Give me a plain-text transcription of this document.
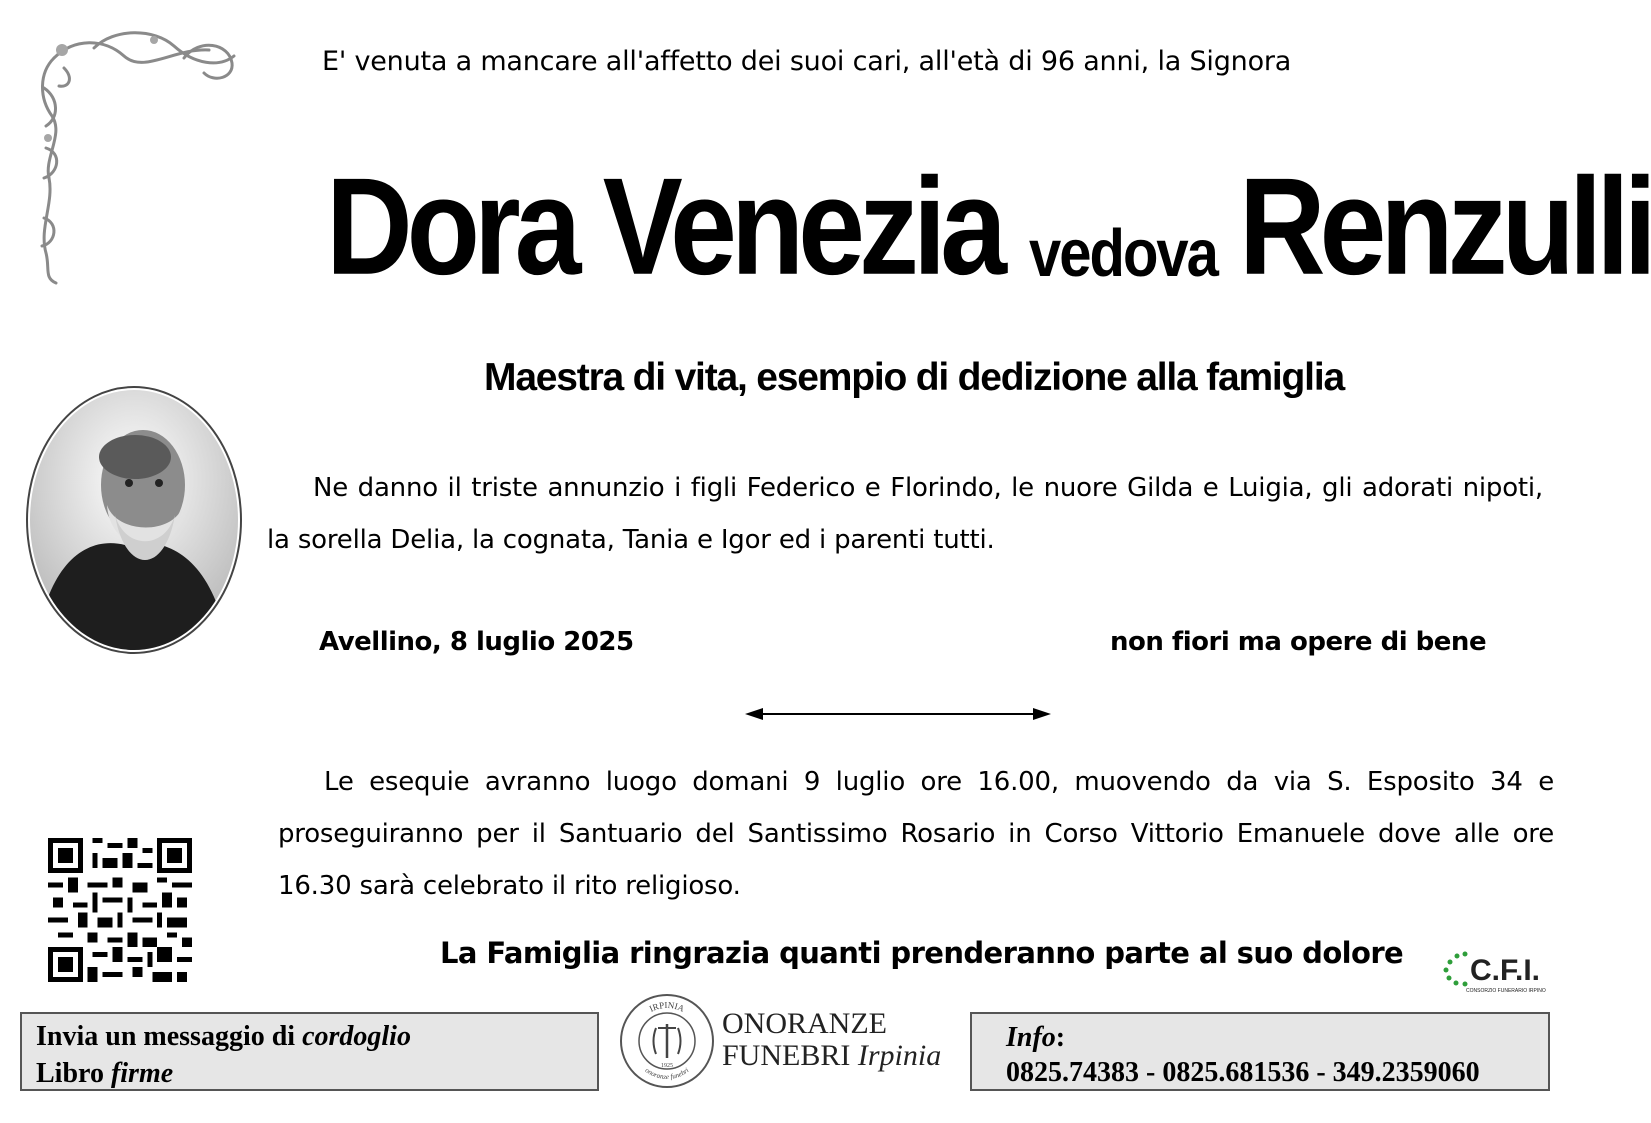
E' venuta a mancare all'affetto dei suoi cari, all'età di 96 anni, la Signora
Dora Venezia vedova Renzulli
Maestra di vita, esempio di dedizione alla famiglia
Ne danno il triste annunzio i figli Federico e Florindo, le nuore Gilda e Luigia, gli adorati nipoti, la sorella Delia, la cognata, Tania e Igor ed i parenti tutti.
Avellino, 8 luglio 2025	non fiori ma opere di bene
Le esequie avranno luogo domani 9 luglio ore 16.00, muovendo da via S. Esposito 34 e proseguiranno per il Santuario del Santissimo Rosario in Corso Vittorio Emanuele dove alle ore 16.30 sarà celebrato il rito religioso.
La Famiglia ringrazia quanti prenderanno parte al suo dolore
C.F.I.
CONSORZIO FUNERARIO IRPINO
Invia un messaggio di cordoglio
Libro firme
IRPINIA
onoranze funebri
1925
ONORANZE
FUNEBRI Irpinia
Info:
0825.74383 - 0825.681536 - 349.2359060
